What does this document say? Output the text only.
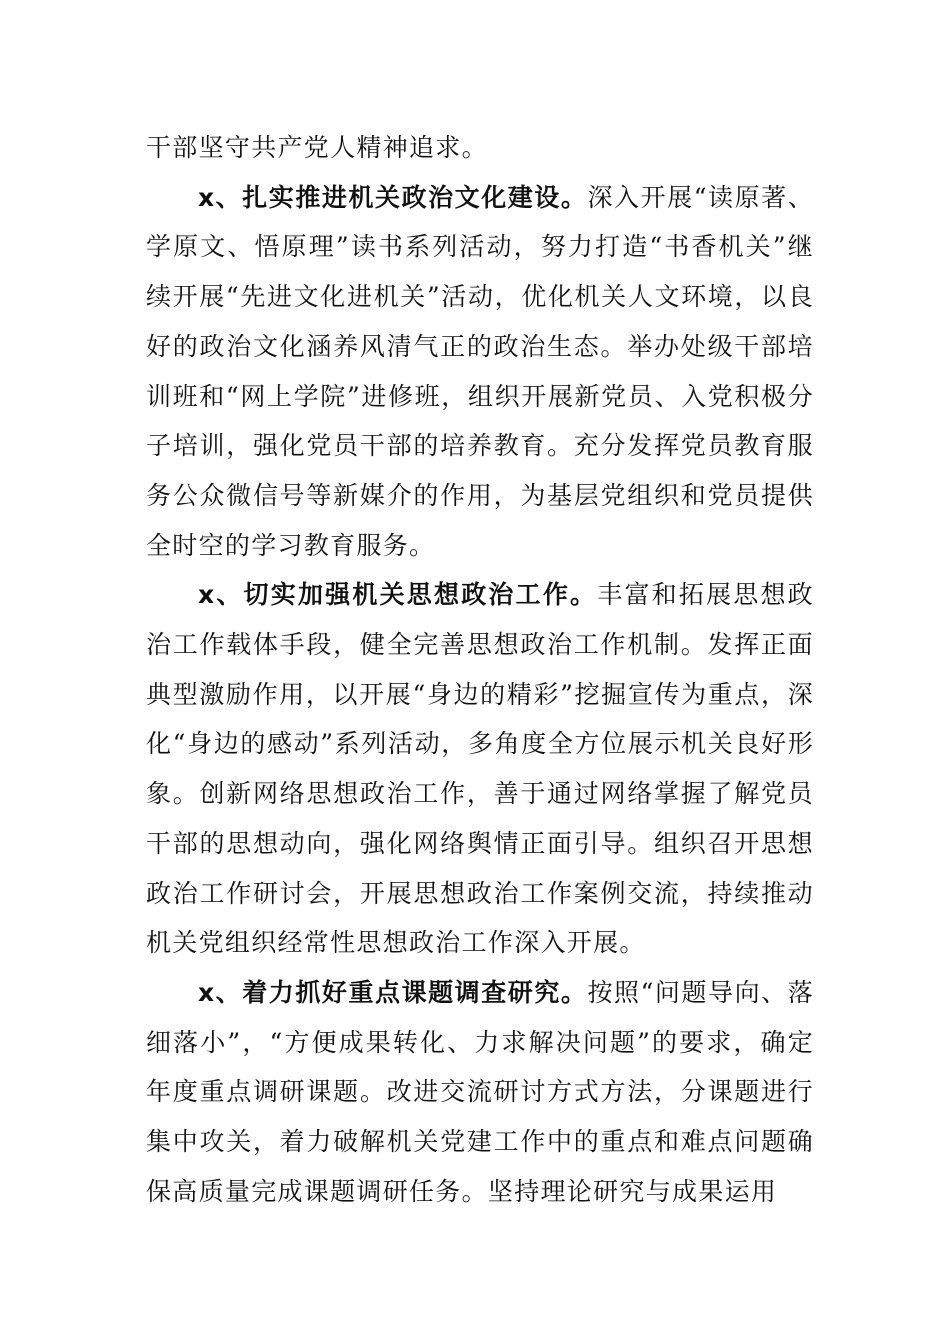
干部坚守共产党人精神追求。

x、扎实推进机关政治文化建设。深入开展“读原著、学原文、悟原理”读书系列活动，努力打造“书香机关”继续开展“先进文化进机关”活动，优化机关人文环境，以良好的政治文化涵养风清气正的政治生态。举办处级干部培训班和“网上学院”进修班，组织开展新党员、入党积极分子培训，强化党员干部的培养教育。充分发挥党员教育服务公众微信号等新媒介的作用，为基层党组织和党员提供全时空的学习教育服务。

x、切实加强机关思想政治工作。丰富和拓展思想政治工作载体手段，健全完善思想政治工作机制。发挥正面典型激励作用，以开展“身边的精彩”挖掘宣传为重点，深化“身边的感动”系列活动，多角度全方位展示机关良好形象。创新网络思想政治工作，善于通过网络掌握了解党员干部的思想动向，强化网络舆情正面引导。组织召开思想政治工作研讨会，开展思想政治工作案例交流，持续推动机关党组织经常性思想政治工作深入开展。

x、着力抓好重点课题调查研究。按照“问题导向、落细落小”，“方便成果转化、力求解决问题”的要求，确定年度重点调研课题。改进交流研讨方式方法，分课题进行集中攻关，着力破解机关党建工作中的重点和难点问题确保高质量完成课题调研任务。坚持理论研究与成果运用
